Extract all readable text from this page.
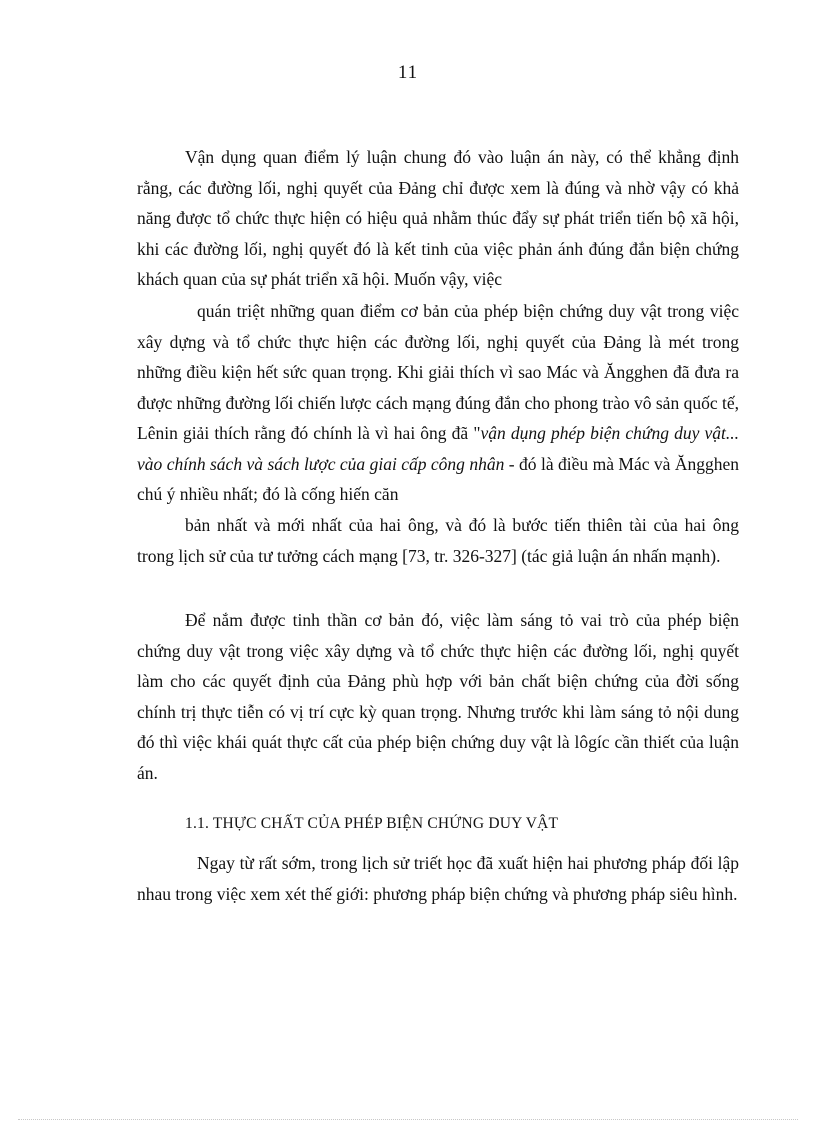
11

Vận dụng quan điểm lý luận chung đó vào luận án này, có thể khẳng định rằng, các đường lối, nghị quyết của Đảng chỉ được xem là đúng và nhờ vậy có khả năng được tổ chức thực hiện có hiệu quả nhằm thúc đẩy sự phát triển tiến bộ xã hội, khi các đường lối, nghị quyết đó là kết tinh của việc phản ánh đúng đắn biện chứng khách quan của sự phát triển xã hội. Muốn vậy, việc

quán triệt những quan điểm cơ bản của phép biện chứng duy vật trong việc xây dựng và tổ chức thực hiện các đường lối, nghị quyết của Đảng là mét trong những điều kiện hết sức quan trọng. Khi giải thích vì sao Mác và Ăngghen đã đưa ra được những đường lối chiến lược cách mạng đúng đắn cho phong trào vô sản quốc tế, Lênin giải thích rằng đó chính là vì hai ông đã "vận dụng phép biện chứng duy vật... vào chính sách và sách lược của giai cấp công nhân - đó là điều mà Mác và Ăngghen chú ý nhiều nhất; đó là cống hiến căn

bản nhất và mới nhất của hai ông, và đó là bước tiến thiên tài của hai ông trong lịch sử của tư tưởng cách mạng [73, tr. 326-327] (tác giả luận án nhấn mạnh).

Để nắm được tinh thần cơ bản đó, việc làm sáng tỏ vai trò của phép biện chứng duy vật trong việc xây dựng và tổ chức thực hiện các đường lối, nghị quyết làm cho các quyết định của Đảng phù hợp với bản chất biện chứng của đời sống chính trị thực tiễn có vị trí cực kỳ quan trọng. Nhưng trước khi làm sáng tỏ nội dung đó thì việc khái quát thực cất của phép biện chứng duy vật là lôgíc cần thiết của luận án.

1.1. THỰC CHẤT CỦA PHÉP BIỆN CHỨNG DUY VẬT

Ngay từ rất sớm, trong lịch sử triết học đã xuất hiện hai phương pháp đối lập nhau trong việc xem xét thế giới: phương pháp biện chứng và phương pháp siêu hình.
